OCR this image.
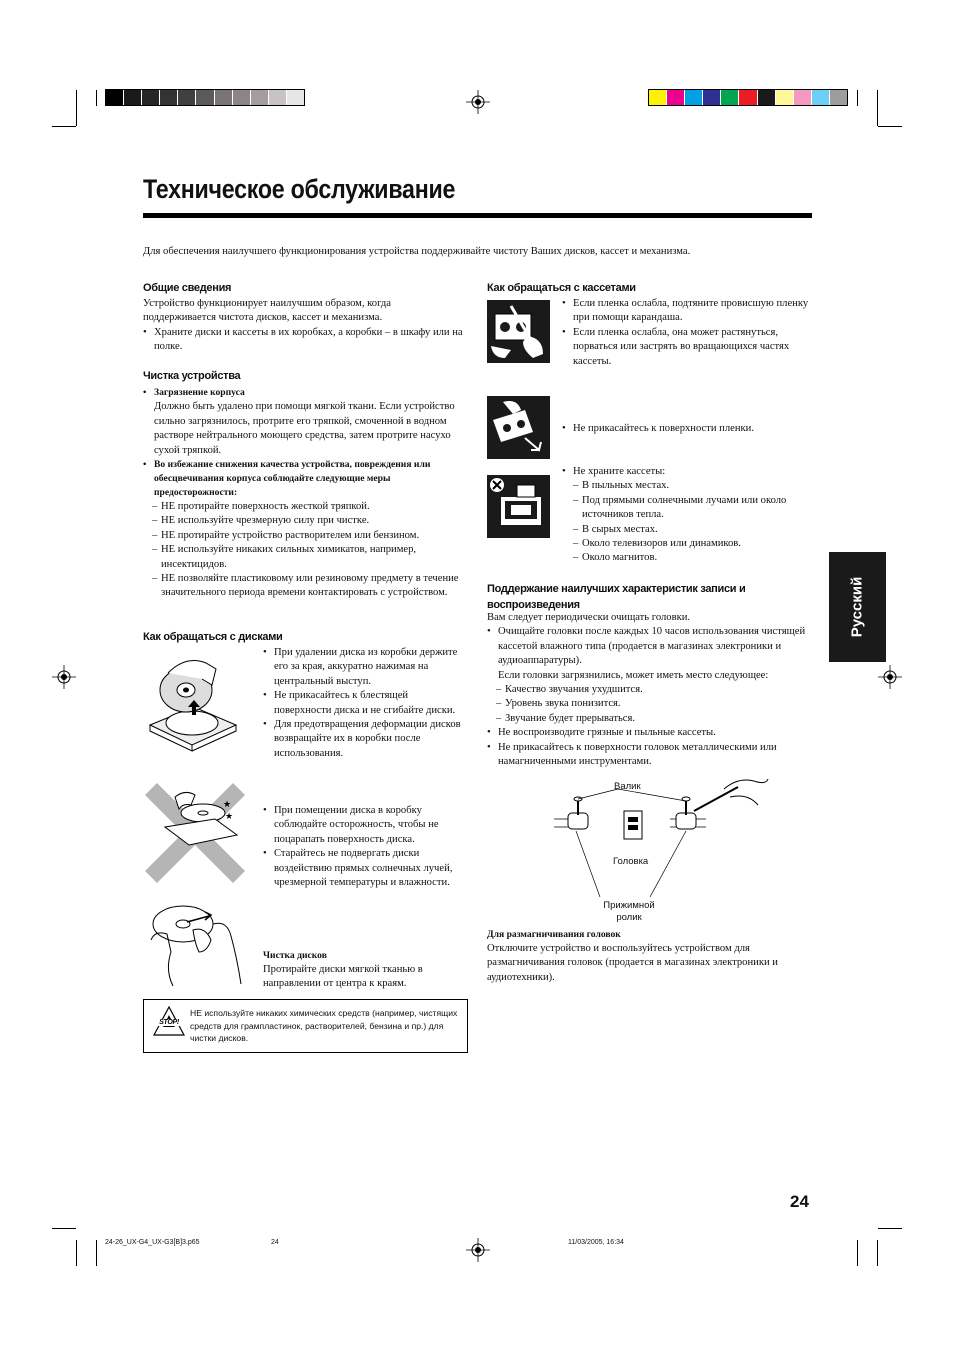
Техническое обслуживание
Для обеспечения наилучшего функционирования устройства поддерживайте чистоту Ваших дисков, кассет и механизма.
Общие сведения
Устройство функционирует наилучшим образом, когда поддерживается чистота дисков, кассет и механизма.
• Храните диски и кассеты в их коробках, а коробки – в шкафу или на полке.
Чистка устройства
• Загрязнение корпуса
Должно быть удалено при помощи мягкой ткани. Если устройство сильно загрязнилось, протрите его тряпкой, смоченной в водном растворе нейтрального моющего средства, затем протрите насухо сухой тряпкой.
• Во избежание снижения качества устройства, повреждения или обесцвечивания корпуса соблюдайте следующие меры предосторожности:
– НЕ протирайте поверхность жесткой тряпкой.
– НЕ используйте чрезмерную силу при чистке.
– НЕ протирайте устройство растворителем или бензином.
– НЕ используйте никаких сильных химикатов, например, инсектицидов.
– НЕ позволяйте пластиковому или резиновому предмету в течение значительного периода времени контактировать с устройством.
Как обращаться с дисками
• При удалении диска из коробки держите его за края, аккуратно нажимая на центральный выступ.
• Не прикасайтесь к блестящей поверхности диска и не сгибайте диски.
• Для предотвращения деформации дисков возвращайте их в коробки после использования.
★
★
• При помещении диска в коробку соблюдайте осторожность, чтобы не поцарапать поверхность диска.
• Старайтесь не подвергать диски воздействию прямых солнечных лучей, чрезмерной температуры и влажности.
Чистка дисков
Протирайте диски мягкой тканью в направлении от центра к краям.
STOP!
НЕ используйте никаких химических средств (например, чистящих средств для грампластинок, растворителей, бензина и пр.) для чистки дисков.
Как обращаться с кассетами
• Если пленка ослабла, подтяните провисшую пленку при помощи карандаша.
• Если пленка ослабла, она может растянуться, порваться или застрять во вращающихся частях кассеты.
• Не прикасайтесь к поверхности пленки.
• Не храните кассеты:
– В пыльных местах.
– Под прямыми солнечными лучами или около источников тепла.
– В сырых местах.
– Около телевизоров или динамиков.
– Около магнитов.
Поддержание наилучших характеристик записи и воспроизведения
Вам следует периодически очищать головки.
• Очищайте головки после каждых 10 часов использования чистящей кассетой влажного типа (продается в магазинах электроники и аудиоаппаратуры).
Если головки загрязнились, может иметь место следующее:
– Качество звучания ухудшится.
– Уровень звука понизится.
– Звучание будет прерываться.
• Не воспроизводите грязные и пыльные кассеты.
• Не прикасайтесь к поверхности головок металлическими или намагниченными инструментами.
Валик
Головка
Прижимной ролик
Для размагничивания головок
Отключите устройство и воспользуйтесь устройством для размагничивания головок (продается в магазинах электроники и аудиотехники).
Русский
24
24-26_UX-G4_UX-G3[B]3.p65	24	11/03/2005, 16:34
